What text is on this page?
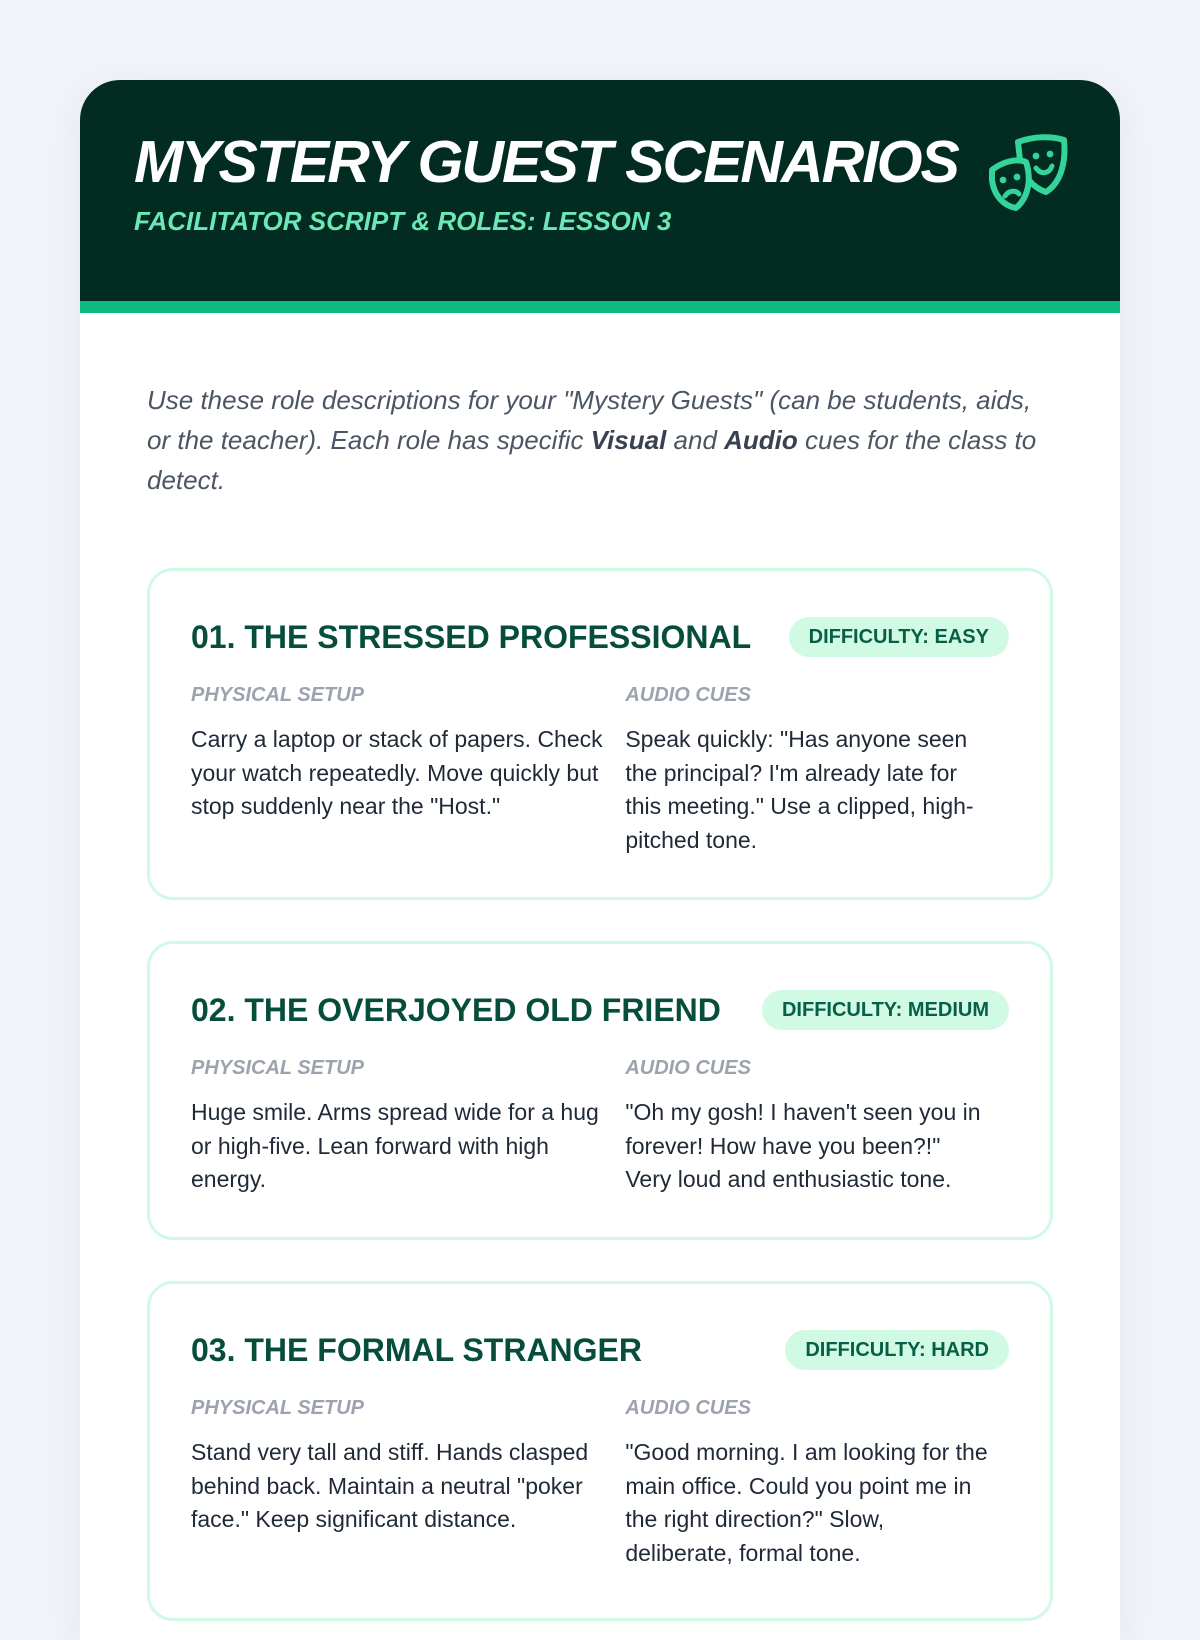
MYSTERY GUEST SCENARIOS
FACILITATOR SCRIPT & ROLES: LESSON 3

Use these role descriptions for your "Mystery Guests" (can be students, aids, or the teacher). Each role has specific Visual and Audio cues for the class to detect.

01. THE STRESSED PROFESSIONAL	DIFFICULTY: EASY
PHYSICAL SETUP
Carry a laptop or stack of papers. Check your watch repeatedly. Move quickly but stop suddenly near the "Host."
AUDIO CUES
Speak quickly: "Has anyone seen the principal? I'm already late for this meeting." Use a clipped, high-pitched tone.
02. THE OVERJOYED OLD FRIEND	DIFFICULTY: MEDIUM
PHYSICAL SETUP
Huge smile. Arms spread wide for a hug or high-five. Lean forward with high energy.
AUDIO CUES
"Oh my gosh! I haven't seen you in forever! How have you been?!" Very loud and enthusiastic tone.
03. THE FORMAL STRANGER	DIFFICULTY: HARD
PHYSICAL SETUP
Stand very tall and stiff. Hands clasped behind back. Maintain a neutral "poker face." Keep significant distance.
AUDIO CUES
"Good morning. I am looking for the main office. Could you point me in the right direction?" Slow, deliberate, formal tone.
